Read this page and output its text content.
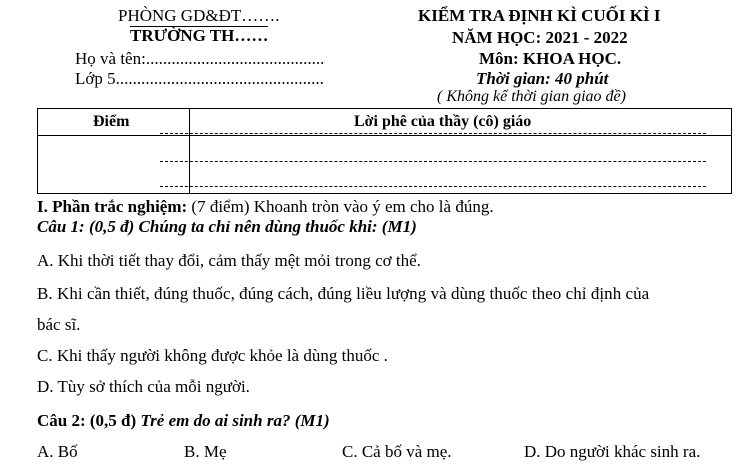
PHÒNG GD&ĐT…….
TRƯỜNG TH……
Họ và tên:..........................................
Lớp 5.................................................
KIỂM TRA ĐỊNH KÌ CUỐI KÌ I
NĂM HỌC: 2021 - 2022
Môn: KHOA HỌC.
Thời gian: 40 phút
( Không kể thời gian giao đề)
Điểm	Lời phê của thầy (cô) giáo
I. Phần trắc nghiệm: (7 điểm) Khoanh tròn vào ý em cho là đúng.
Câu 1: (0,5 đ) Chúng ta chỉ nên dùng thuốc khi: (M1)
A. Khi thời tiết thay đổi, cảm thấy mệt mỏi trong cơ thể.
B. Khi cần thiết, đúng thuốc, đúng cách, đúng liều lượng và dùng thuốc theo chỉ định của
bác sĩ.
C. Khi thấy người không được khỏe là dùng thuốc .
D. Tùy sở thích của mỗi người.
Câu 2: (0,5 đ) Trẻ em do ai sinh ra? (M1)
A. Bố	B. Mẹ	C. Cả bố và mẹ.	D. Do người khác sinh ra.
